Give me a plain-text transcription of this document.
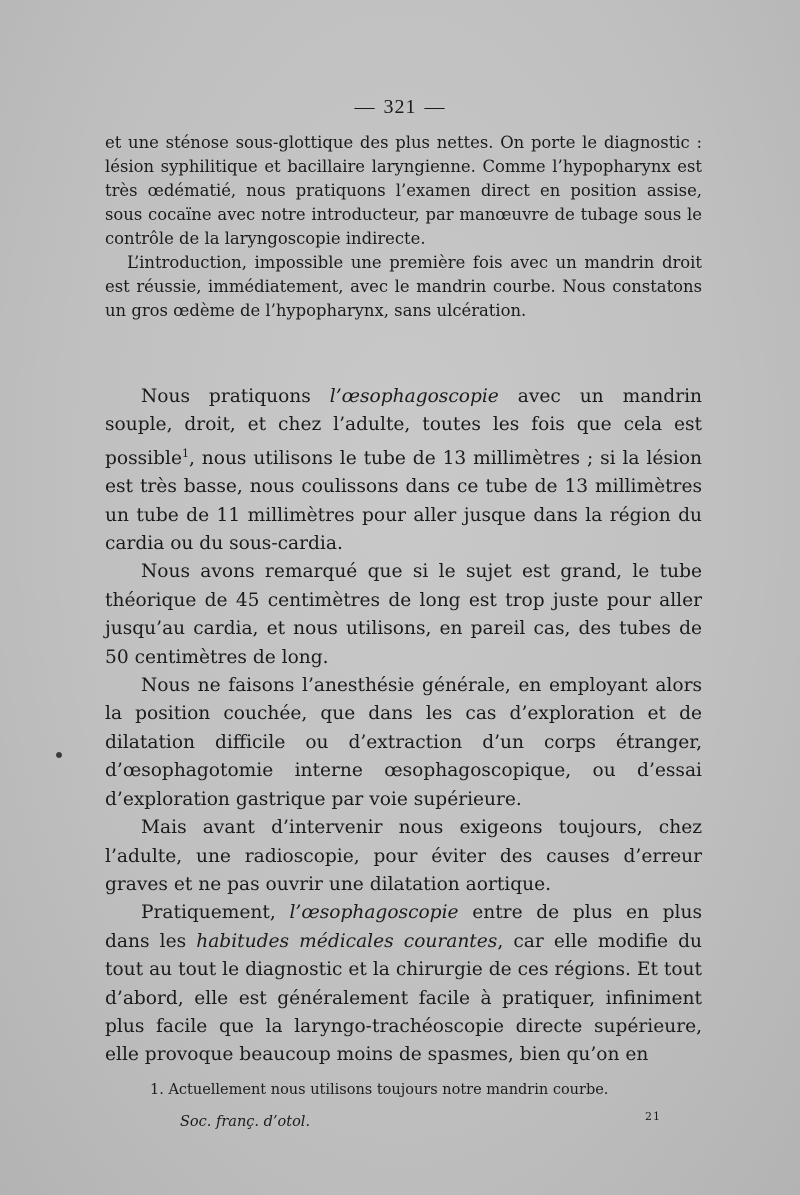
— 321 —

et une sténose sous-glottique des plus nettes. On porte le diagnostic : lésion syphilitique et bacillaire laryngienne. Comme l’hypopharynx est très œdématié, nous pratiquons l’examen direct en position assise, sous cocaïne avec notre introducteur, par manœuvre de tubage sous le contrôle de la laryngoscopie indirecte.

L’introduction, impossible une première fois avec un mandrin droit est réussie, immédiatement, avec le mandrin courbe. Nous constatons un gros œdème de l’hypopharynx, sans ulcération.

Nous pratiquons l’œsophagoscopie avec un mandrin souple, droit, et chez l’adulte, toutes les fois que cela est possible$^1$, nous utilisons le tube de 13 millimètres ; si la lésion est très basse, nous coulissons dans ce tube de 13 millimètres un tube de 11 millimètres pour aller jusque dans la région du cardia ou du sous-cardia.

Nous avons remarqué que si le sujet est grand, le tube théorique de 45 centimètres de long est trop juste pour aller jusqu’au cardia, et nous utilisons, en pareil cas, des tubes de 50 centimètres de long.

Nous ne faisons l’anesthésie générale, en employant alors la position couchée, que dans les cas d’exploration et de dilatation difficile ou d’extraction d’un corps étranger, d’œsophagotomie interne œsophagoscopique, ou d’essai d’exploration gastrique par voie supérieure.

Mais avant d’intervenir nous exigeons toujours, chez l’adulte, une radioscopie, pour éviter des causes d’erreur graves et ne pas ouvrir une dilatation aortique.

Pratiquement, l’œsophagoscopie entre de plus en plus dans les habitudes médicales courantes, car elle modifie du tout au tout le diagnostic et la chirurgie de ces régions. Et tout d’abord, elle est généralement facile à pratiquer, infiniment plus facile que la laryngo-trachéoscopie directe supérieure, elle provoque beaucoup moins de spasmes, bien qu’on en

1. Actuellement nous utilisons toujours notre mandrin courbe.
Soc. franç. d’otol.	21
